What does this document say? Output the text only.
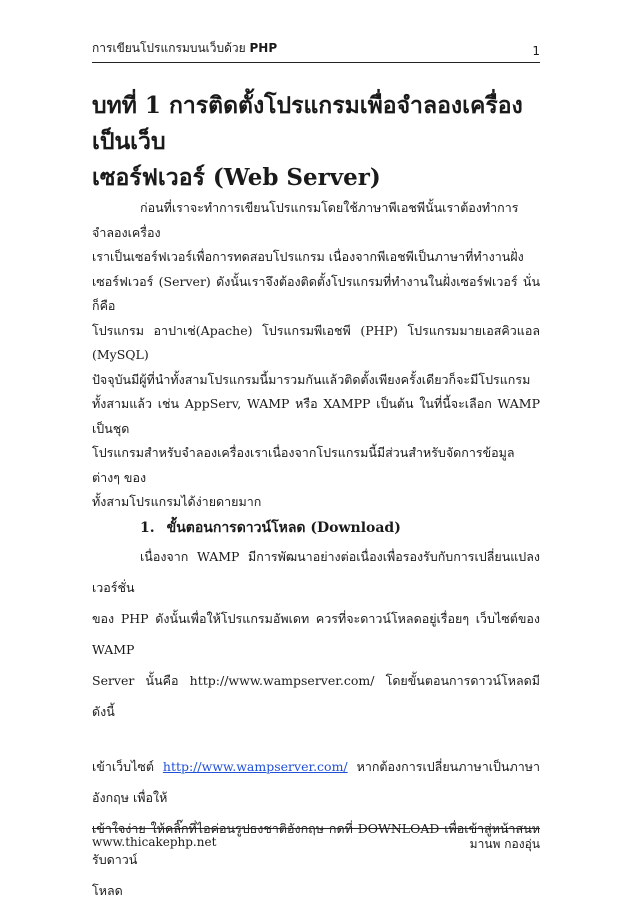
การเขียนโปรแกรมบนเว็บด้วย PHP	1
บทที่ 1 การติดตั้งโปรแกรมเพื่อจำลองเครื่องเป็นเว็บ
เซอร์ฟเวอร์ (Web Server)

ก่อนที่เราจะทำการเขียนโปรแกรมโดยใช้ภาษาพีเอชพีนั้นเราต้องทำการจำลองเครื่อง

เราเป็นเซอร์ฟเวอร์เพื่อการทดสอบโปรแกรม เนื่องจากพีเอชพีเป็นภาษาที่ทำงานฝั่ง

เซอร์ฟเวอร์ (Server) ดังนั้นเราจึงต้องติดตั้งโปรแกรมที่ทำงานในฝั่งเซอร์ฟเวอร์ นั่นก็คือ

โปรแกรม อาปาเช่(Apache) โปรแกรมพีเอชพี (PHP) โปรแกรมมายเอสคิวแอล (MySQL)

ปัจจุบันมีผู้ที่นำทั้งสามโปรแกรมนี้มารวมกันแล้วติดตั้งเพียงครั้งเดียวก็จะมีโปรแกรม

ทั้งสามแล้ว เช่น AppServ, WAMP หรือ XAMPP เป็นต้น ในที่นี้จะเลือก WAMP เป็นชุด

โปรแกรมสำหรับจำลองเครื่องเราเนื่องจากโปรแกรมนี้มีส่วนสำหรับจัดการข้อมูลต่างๆ ของ

ทั้งสามโปรแกรมได้ง่ายดายมาก

1. ขั้นตอนการดาวน์โหลด (Download)

เนื่องจาก WAMP มีการพัฒนาอย่างต่อเนื่องเพื่อรองรับกับการเปลี่ยนแปลงเวอร์ชั่น

ของ PHP ดังนั้นเพื่อให้โปรแกรมอัพเดท ควรที่จะดาวน์โหลดอยู่เรื่อยๆ เว็บไซต์ของ WAMP

Server นั้นคือ http://www.wampserver.com/ โดยขั้นตอนการดาวน์โหลดมีดังนี้

เข้าเว็บไซต์ http://www.wampserver.com/ หากต้องการเปลี่ยนภาษาเป็นภาษาอังกฤษ เพื่อให้

เข้าใจง่าย ให้คลิ๊กที่ไอค่อนรูปธงชาติอังกฤษ กดที่ DOWNLOAD เพื่อเข้าสู่หน้าสนหรับดาวน์

โหลด

www.thicakephp.net	มานพ กองอุ่น
